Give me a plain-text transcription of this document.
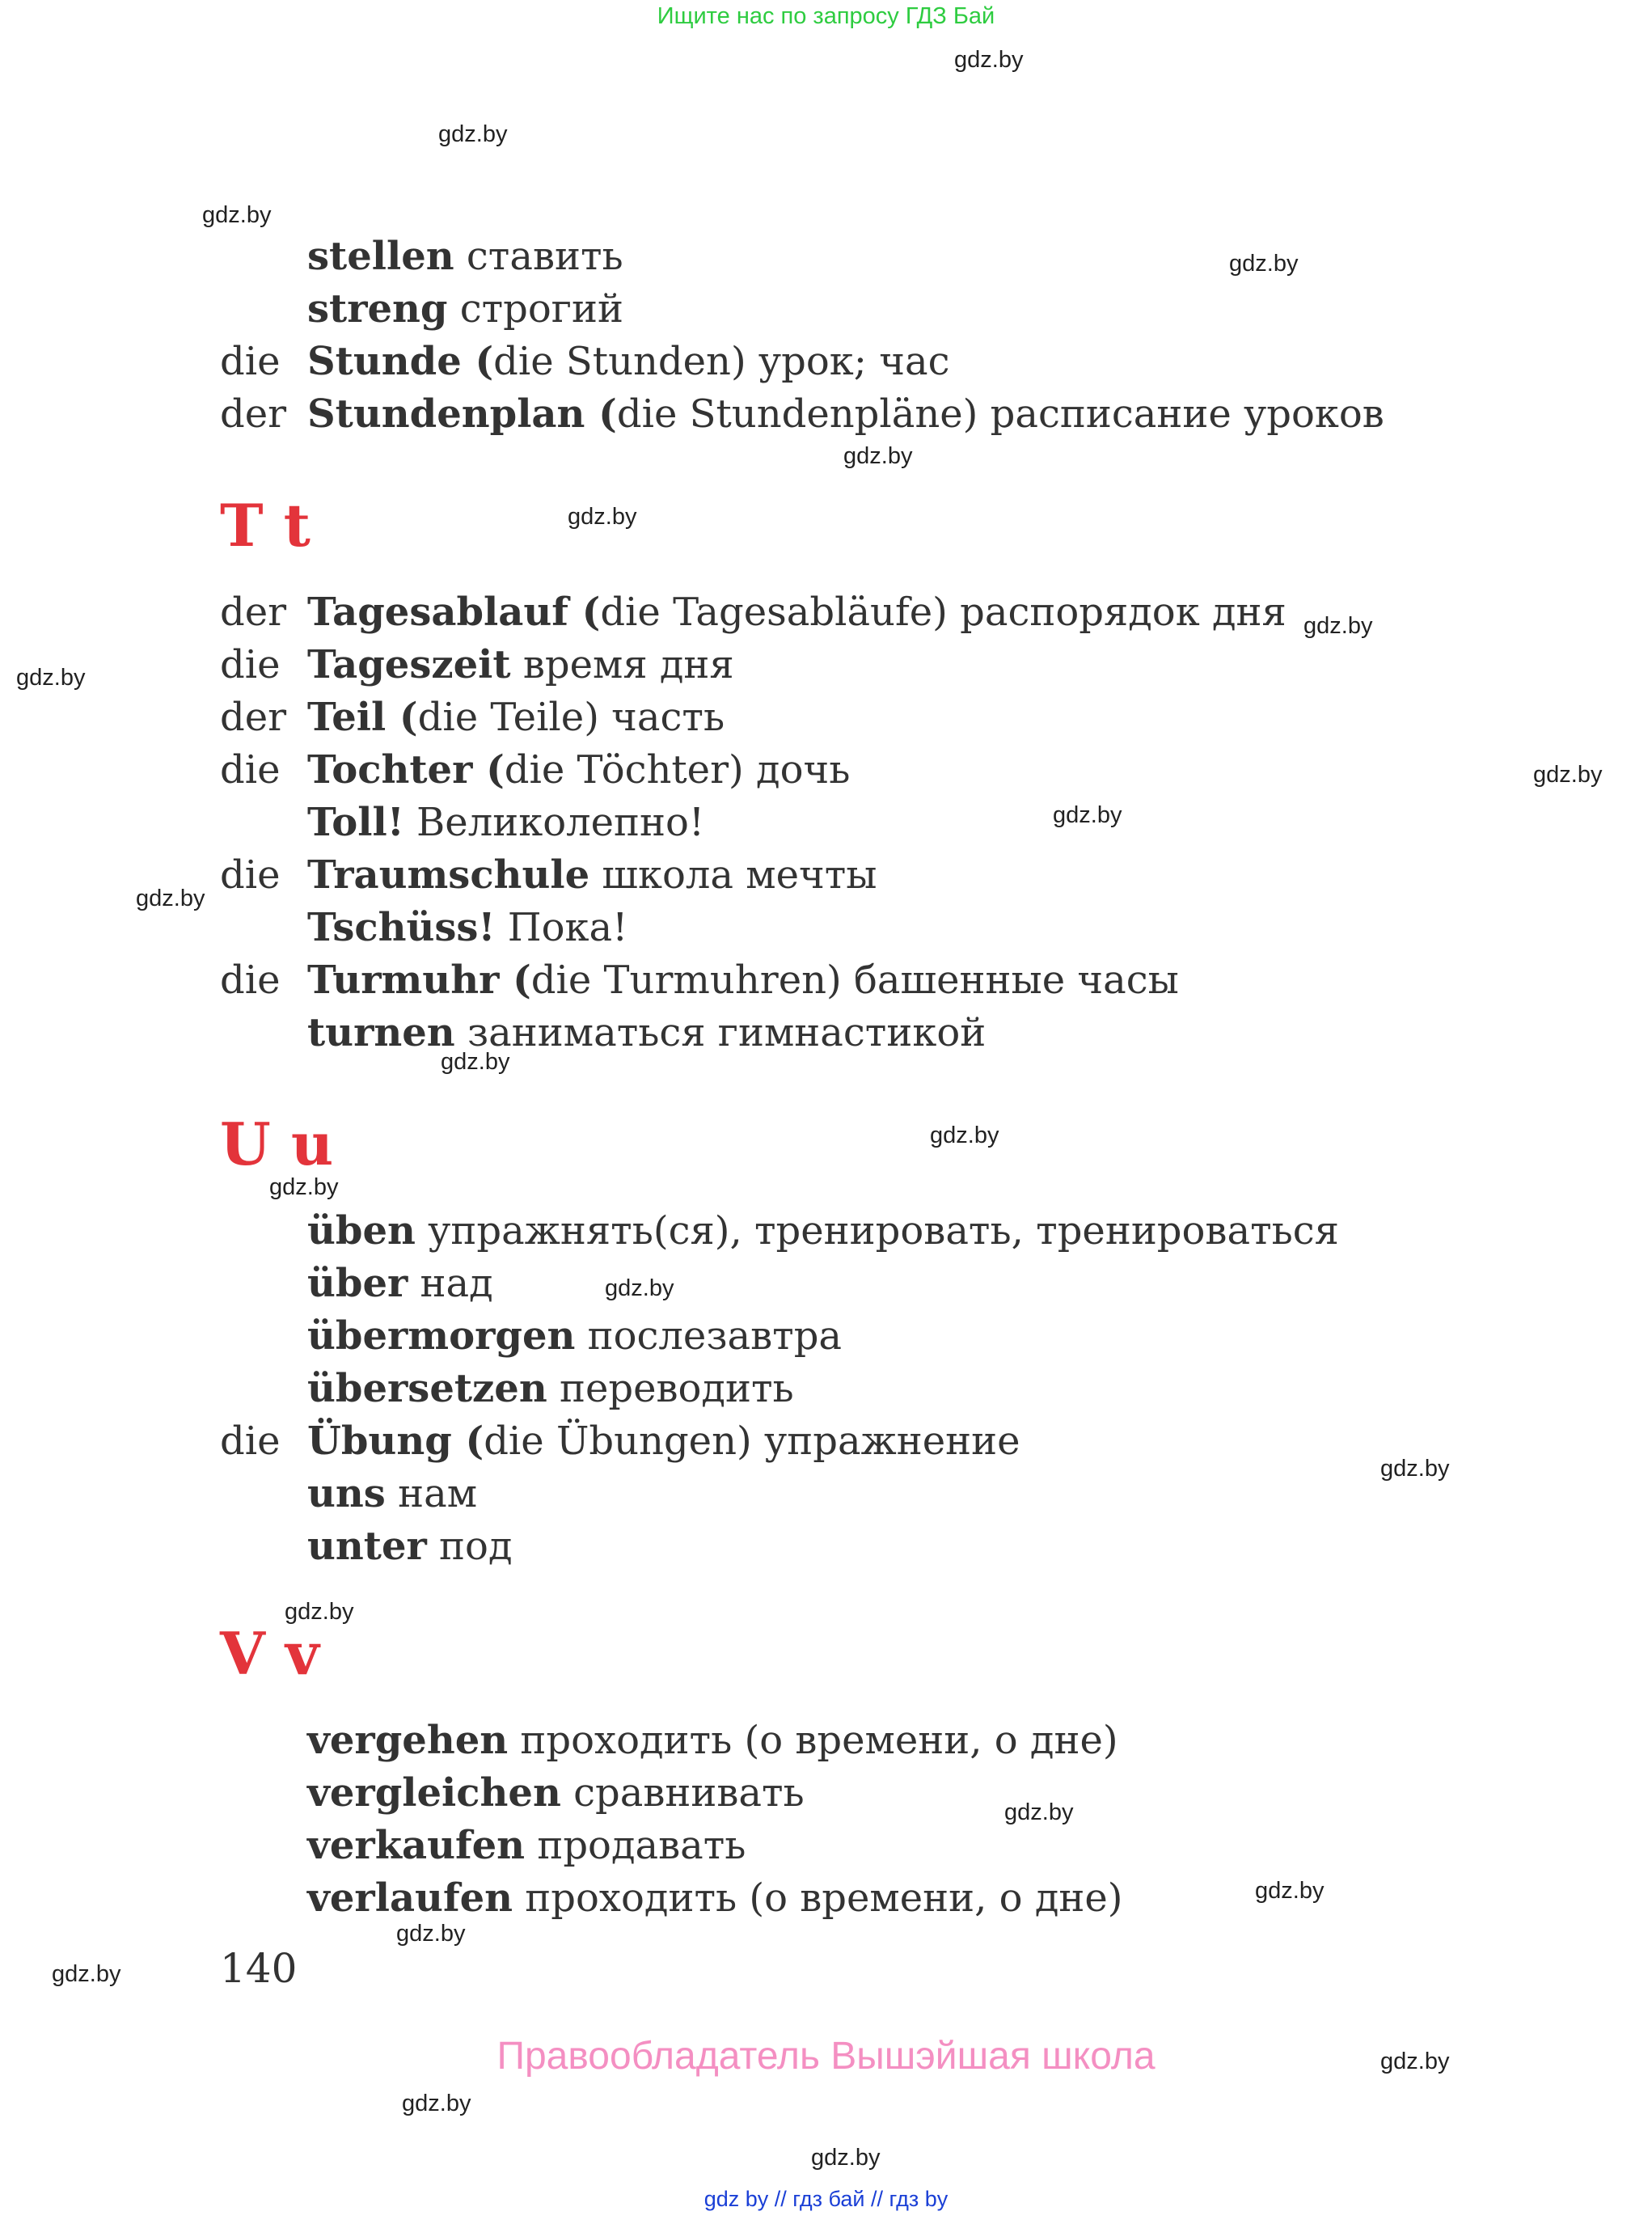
Ищите нас по запросу ГДЗ Бай
gdz.by
gdz.by
gdz.by
gdz.by
gdz.by
gdz.by
gdz.by
gdz.by
gdz.by
gdz.by
gdz.by
gdz.by
gdz.by
gdz.by
gdz.by
gdz.by
gdz.by
gdz.by
gdz.by
gdz.by
gdz.by
gdz.by
gdz.by
gdz.by
stellen ставить
streng строгий
die Stunde (die Stunden) урок; час
der Stundenplan (die Stundenpläne) расписание уроков
T t
der Tagesablauf (die Tagesabläufe) распорядок дня
die Tageszeit время дня
der Teil (die Teile) часть
die Tochter (die Töchter) дочь
Toll! Великолепно!
die Traumschule школа мечты
Tschüss! Пока!
die Turmuhr (die Turmuhren) башенные часы
turnen заниматься гимнастикой
U u
üben упражнять(ся), тренировать, тренироваться
über над
übermorgen послезавтра
übersetzen переводить
die Übung (die Übungen) упражнение
uns нам
unter под
V v
vergehen проходить (о времени, о дне)
vergleichen сравнивать
verkaufen продавать
verlaufen проходить (о времени, о дне)
140
Правообладатель Вышэйшая школа
gdz by // гдз бай // гдз by
